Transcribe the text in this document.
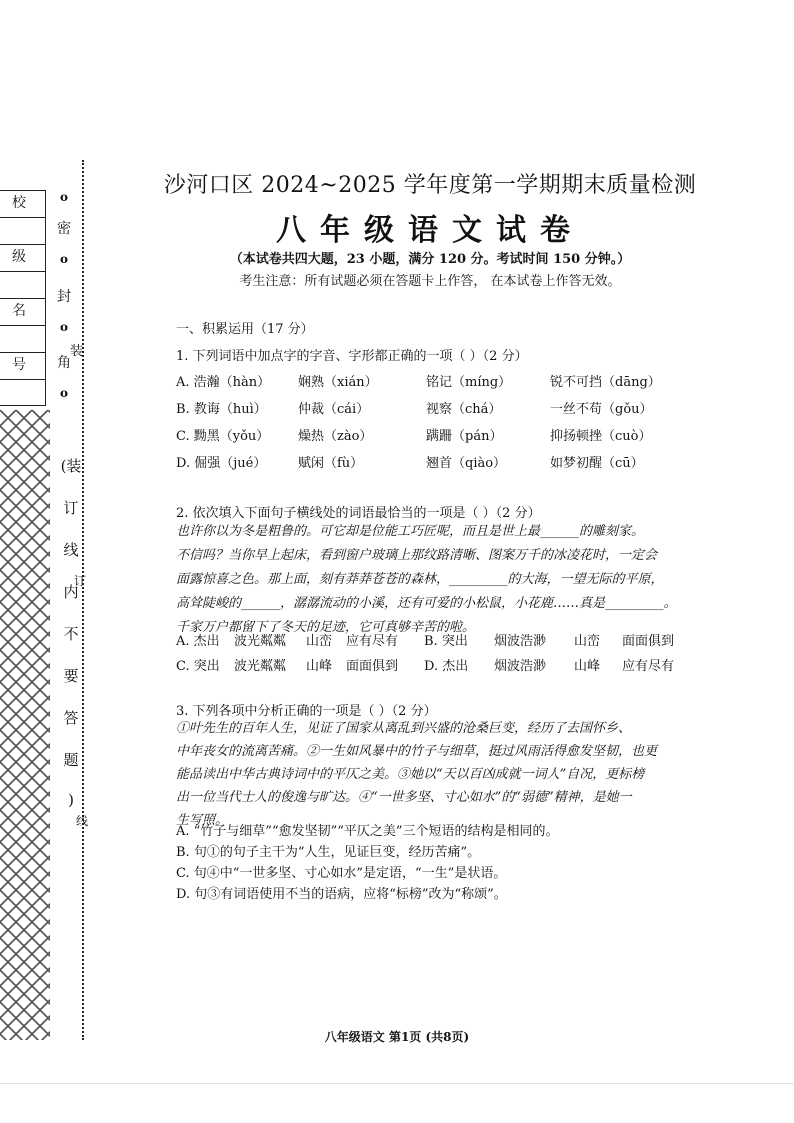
校
级
名
号
o
密
o
封
o
角
o
装
(装
订
线
内
不
要
答
题
)
订
线
沙河口区 2024~2025 学年度第一学期期末质量检测
八年级语文试卷
（本试卷共四大题，23 小题，满分 120 分。考试时间 150 分钟。）
考生注意：所有试题必须在答题卡上作答， 在本试卷上作答无效。
一、积累运用（17 分）
1. 下列词语中加点字的字音、字形都正确的一项（ ）（2 分）
A. 浩瀚（hàn） 娴熟（xián）	铭记（míng）	锐不可挡（dāng）
B. 教诲（huì） 仲裁（cái）	视察（chá）	一丝不苟（gǒu）
C. 黝黑（yǒu） 燥热（zào）	蹒跚（pán）	抑扬顿挫（cuò）
D. 倔强（jué） 赋闲（fù）	翘首（qiào）	如梦初醒（cū）
2. 依次填入下面句子横线处的词语最恰当的一项是（ ）（2 分）
也许你以为冬是粗鲁的。可它却是位能工巧匠呢，而且是世上最______的雕刻家。
不信吗？当你早上起床，看到窗户玻璃上那纹路清晰、图案万千的冰凌花时，一定会
面露惊喜之色。那上面，刻有莽莽苍苍的森林，_________的大海，一望无际的平原，
高耸陡峻的______，潺潺流动的小溪，还有可爱的小松鼠，小花鹿……真是_________。
千家万户都留下了冬天的足迹，它可真够辛苦的啦。
A. 杰出 波光粼粼 山峦 应有尽有 B. 突出 烟波浩渺 山峦 面面俱到
C. 突出 波光粼粼 山峰 面面俱到 D. 杰出 烟波浩渺 山峰 应有尽有
3. 下列各项中分析正确的一项是（ ）（2 分）
①叶先生的百年人生，见证了国家从离乱到兴盛的沧桑巨变，经历了去国怀乡、
中年丧女的流离苦痛。②一生如风暴中的竹子与细草，挺过风雨活得愈发坚韧，也更
能品读出中华古典诗词中的平仄之美。③她以“天以百凶成就一词人”自况，更标榜
出一位当代士人的俊逸与旷达。④“一世多坚、寸心如水”的“弱德”精神，是她一
生写照。
A. “竹子与细草”“愈发坚韧”“平仄之美”三个短语的结构是相同的。
B. 句①的句子主干为“人生，见证巨变，经历苦痛”。
C. 句④中“一世多坚、寸心如水”是定语，“一生”是状语。
D. 句③有词语使用不当的语病，应将“标榜”改为“称颂”。
八年级语文 第1页 (共8页)
